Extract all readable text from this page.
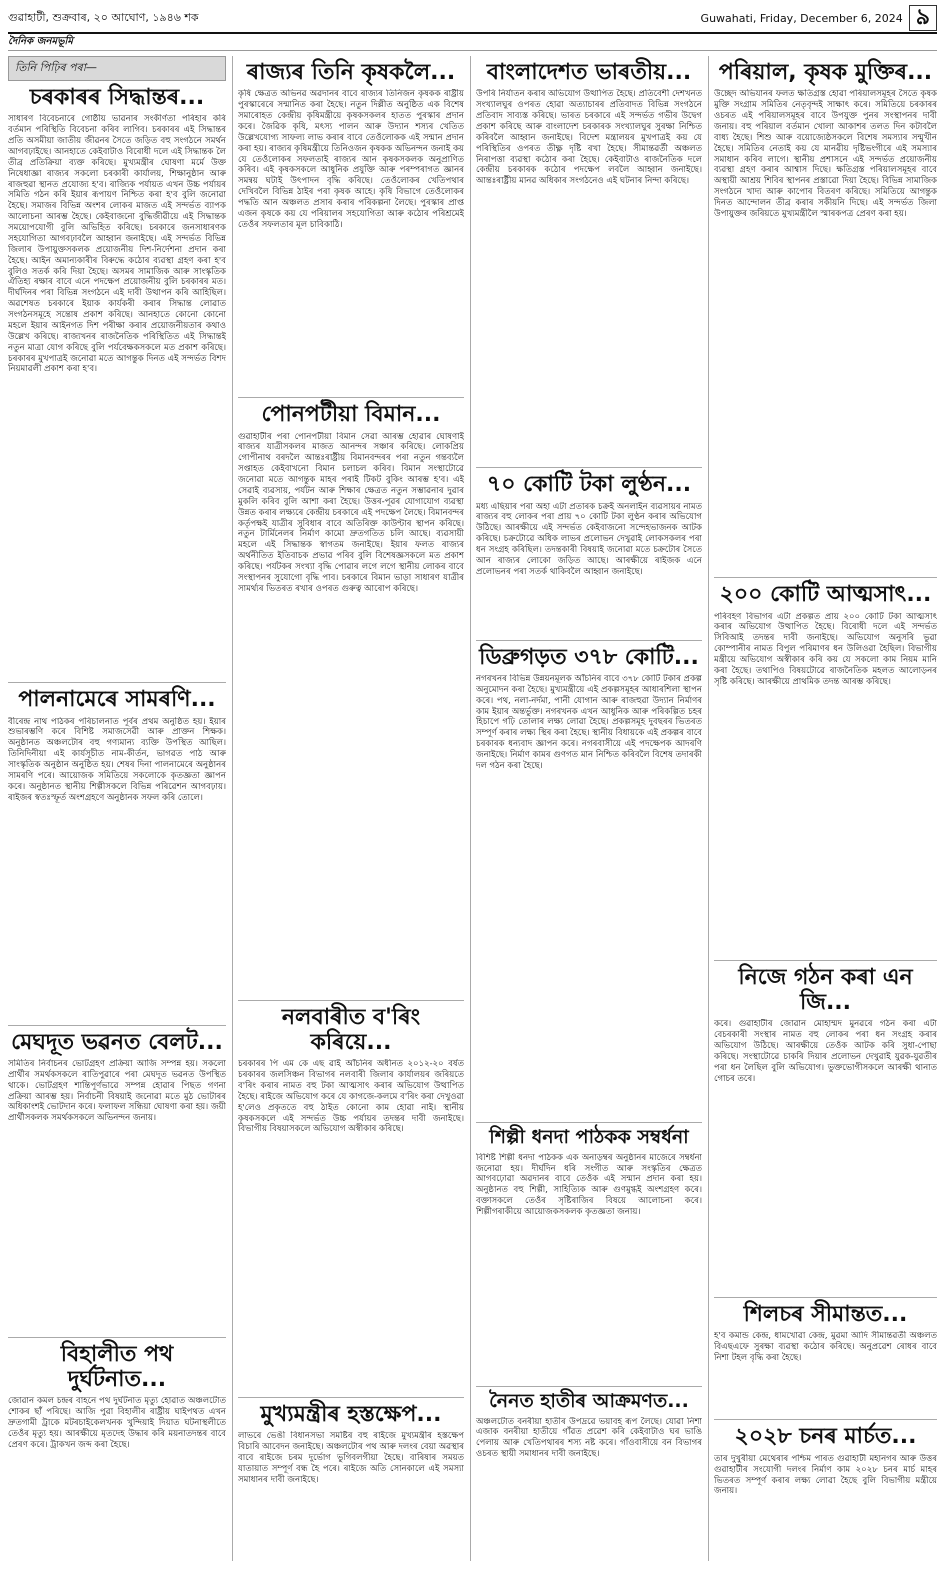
গুৱাহাটী, শুক্ৰবাৰ, ২০ আঘোণ, ১৯৪৬ শক	Guwahati, Friday, December 6, 2024 ৯
দৈনিক জনমভূমি
তিনি পিঢ়িৰ পৰা—
চৰকাৰৰ সিদ্ধান্তৰ...

সাধাৰণ বিবেচনাৰে গোষ্ঠীয় ভাৱনাৰ সংকীৰ্ণতা পৰিহাৰ কৰি বৰ্তমান পৰিস্থিতি বিবেচনা কৰিব লাগিব। চৰকাৰৰ এই সিদ্ধান্তৰ প্ৰতি অসমীয়া জাতীয় জীৱনৰ সৈতে জড়িত বহু সংগঠনে সমৰ্থন আগবঢ়াইছে। আনহাতে কেইবাটাও বিৰোধী দলে এই সিদ্ধান্তক লৈ তীব্ৰ প্ৰতিক্ৰিয়া ব্যক্ত কৰিছে। মুখ্যমন্ত্ৰীৰ ঘোষণা মৰ্মে উক্ত নিষেধাজ্ঞা ৰাজ্যৰ সকলো চৰকাৰী কাৰ্যালয়, শিক্ষানুষ্ঠান আৰু ৰাজহুৱা স্থানত প্ৰযোজ্য হ'ব। ৰাজ্যিক পৰ্যায়ত এখন উচ্চ পৰ্যায়ৰ সমিতি গঠন কৰি ইয়াৰ ৰূপায়ণ নিশ্চিত কৰা হ'ব বুলি জনোৱা হৈছে। সমাজৰ বিভিন্ন অংশৰ লোকৰ মাজত এই সন্দৰ্ভত ব্যাপক আলোচনা আৰম্ভ হৈছে। কেইবাজনো বুদ্ধিজীৱীয়ে এই সিদ্ধান্তক সময়োপযোগী বুলি অভিহিত কৰিছে। চৰকাৰে জনসাধাৰণক সহযোগিতা আগবঢ়াবলৈ আহ্বান জনাইছে। এই সন্দৰ্ভত বিভিন্ন জিলাৰ উপায়ুক্তসকলক প্ৰয়োজনীয় দিশ-নিৰ্দেশনা প্ৰদান কৰা হৈছে। আইন অমান্যকাৰীৰ বিৰুদ্ধে কঠোৰ ব্যৱস্থা গ্ৰহণ কৰা হ'ব বুলিও সতৰ্ক কৰি দিয়া হৈছে। অসমৰ সামাজিক আৰু সাংস্কৃতিক ঐতিহ্য ৰক্ষাৰ বাবে এনে পদক্ষেপ প্ৰয়োজনীয় বুলি চৰকাৰৰ মত। দীৰ্ঘদিনৰ পৰা বিভিন্ন সংগঠনে এই দাবী উত্থাপন কৰি আহিছিল। অৱশেষত চৰকাৰে ইয়াক কাৰ্যকৰী কৰাৰ সিদ্ধান্ত লোৱাত সংগঠনসমূহে সন্তোষ প্ৰকাশ কৰিছে। আনহাতে কোনো কোনো মহলে ইয়াৰ আইনগত দিশ পৰীক্ষা কৰাৰ প্ৰয়োজনীয়তাৰ কথাও উল্লেখ কৰিছে। ৰাজ্যখনৰ ৰাজনৈতিক পৰিস্থিতিত এই সিদ্ধান্তই নতুন মাত্ৰা যোগ কৰিছে বুলি পৰ্যবেক্ষকসকলে মত প্ৰকাশ কৰিছে। চৰকাৰৰ মুখপাত্ৰই জনোৱা মতে আগন্তুক দিনত এই সন্দৰ্ভত বিশদ নিয়মাৱলী প্ৰকাশ কৰা হ'ব।

পালনামেৰে সামৰণি...

বীৰেন্দ্ৰ নাথ পাঠকৰ পৰিচালনাত পূৰ্বৰ প্ৰথম অনুষ্ঠিত হয়। ইয়াৰ শুভাৰম্ভণি কৰে বিশিষ্ট সমাজসেৱী আৰু প্ৰাক্তন শিক্ষক। অনুষ্ঠানত অঞ্চলটোৰ বহু গণ্যমান্য ব্যক্তি উপস্থিত আছিল। তিনিদিনীয়া এই কাৰ্যসূচীত নাম-কীৰ্তন, ভাগৱত পাঠ আৰু সাংস্কৃতিক অনুষ্ঠান অনুষ্ঠিত হয়। শেষৰ দিনা পালনামেৰে অনুষ্ঠানৰ সামৰণি পৰে। আয়োজক সমিতিয়ে সকলোকে কৃতজ্ঞতা জ্ঞাপন কৰে। অনুষ্ঠানত স্থানীয় শিল্পীসকলে বিভিন্ন পৰিৱেশন আগবঢ়ায়। ৰাইজৰ স্বতঃস্ফূৰ্ত অংশগ্ৰহণে অনুষ্ঠানক সফল কৰি তোলে।

মেঘদূত ভৱনত বেলট...

সমিতিৰ নিৰ্বাচনৰ ভোটগ্ৰহণ প্ৰক্ৰিয়া আজি সম্পন্ন হয়। সকলো প্ৰাৰ্থীৰ সমৰ্থকসকলে ৰাতিপুৱাৰে পৰা মেঘদূত ভৱনত উপস্থিত থাকে। ভোটগ্ৰহণ শান্তিপূৰ্ণভাৱে সম্পন্ন হোৱাৰ পিছত গণনা প্ৰক্ৰিয়া আৰম্ভ হয়। নিৰ্বাচনী বিষয়াই জনোৱা মতে মুঠ ভোটাৰৰ অধিকাংশই ভোটদান কৰে। ফলাফল সন্ধিয়া ঘোষণা কৰা হয়। জয়ী প্ৰাৰ্থীসকলক সমৰ্থকসকলে অভিনন্দন জনায়।

বিহালীত পথ দুৰ্ঘটনাত...

জোৱান কমল চন্দ্ৰৰ বাহনে পথ দুৰ্ঘটনাত মৃত্যু হোৱাত অঞ্চলটোত শোকৰ ছাঁ পৰিছে। আজি পুৱা বিহালীৰ ৰাষ্ট্ৰীয় ঘাইপথত এখন দ্ৰুতগামী ট্ৰাকে মটৰচাইকেলখনক খুন্দিয়াই দিয়াত ঘটনাস্থলীতে তেওঁৰ মৃত্যু হয়। আৰক্ষীয়ে মৃতদেহ উদ্ধাৰ কৰি ময়নাতদন্তৰ বাবে প্ৰেৰণ কৰে। ট্ৰাকখন জব্দ কৰা হৈছে।

ৰাজ্যৰ তিনি কৃষকলৈ...

কৃষি ক্ষেত্ৰত অভিনৱ অৱদানৰ বাবে ৰাজ্যৰ তিনিজন কৃষকক ৰাষ্ট্ৰীয় পুৰস্কাৰেৰে সন্মানিত কৰা হৈছে। নতুন দিল্লীত অনুষ্ঠিত এক বিশেষ সমাৰোহত কেন্দ্ৰীয় কৃষিমন্ত্ৰীয়ে কৃষকসকলৰ হাতত পুৰস্কাৰ প্ৰদান কৰে। জৈৱিক কৃষি, মৎস্য পালন আৰু উদ্যান শস্যৰ খেতিত উল্লেখযোগ্য সাফল্য লাভ কৰাৰ বাবে তেওঁলোকক এই সন্মান প্ৰদান কৰা হয়। ৰাজ্যৰ কৃষিমন্ত্ৰীয়ে তিনিওজন কৃষকক অভিনন্দন জনাই কয় যে তেওঁলোকৰ সফলতাই ৰাজ্যৰ আন কৃষকসকলক অনুপ্ৰাণিত কৰিব। এই কৃষকসকলে আধুনিক প্ৰযুক্তি আৰু পৰম্পৰাগত জ্ঞানৰ সমন্বয় ঘটাই উৎপাদন বৃদ্ধি কৰিছে। তেওঁলোকৰ খেতিপথাৰ দেখিবলৈ বিভিন্ন ঠাইৰ পৰা কৃষক আহে। কৃষি বিভাগে তেওঁলোকৰ পদ্ধতি আন অঞ্চলত প্ৰসাৰ কৰাৰ পৰিকল্পনা লৈছে। পুৰস্কাৰ প্ৰাপ্ত এজন কৃষকে কয় যে পৰিয়ালৰ সহযোগিতা আৰু কঠোৰ পৰিশ্ৰমেই তেওঁৰ সফলতাৰ মূল চাবিকাঠি।

পোনপটীয়া বিমান...

গুৱাহাটীৰ পৰা পোনপটীয়া বিমান সেৱা আৰম্ভ হোৱাৰ ঘোষণাই ৰাজ্যৰ যাত্ৰীসকলৰ মাজত আনন্দৰ সঞ্চাৰ কৰিছে। লোকপ্ৰিয় গোপীনাথ বৰদলৈ আন্তঃৰাষ্ট্ৰীয় বিমানবন্দৰৰ পৰা নতুন গন্তব্যলৈ সপ্তাহত কেইবাখনো বিমান চলাচল কৰিব। বিমান সংস্থাটোৱে জনোৱা মতে আগন্তুক মাহৰ পৰাই টিকট বুকিং আৰম্ভ হ'ব। এই সেৱাই ব্যৱসায়, পৰ্যটন আৰু শিক্ষাৰ ক্ষেত্ৰত নতুন সম্ভাৱনাৰ দুৱাৰ মুকলি কৰিব বুলি আশা কৰা হৈছে। উত্তৰ-পূৱৰ যোগাযোগ ব্যৱস্থা উন্নত কৰাৰ লক্ষ্যৰে কেন্দ্ৰীয় চৰকাৰে এই পদক্ষেপ লৈছে। বিমানবন্দৰ কৰ্তৃপক্ষই যাত্ৰীৰ সুবিধাৰ বাবে অতিৰিক্ত কাউণ্টাৰ স্থাপন কৰিছে। নতুন টাৰ্মিনেলৰ নিৰ্মাণ কামো দ্ৰুতগতিত চলি আছে। ব্যৱসায়ী মহলে এই সিদ্ধান্তক স্বাগতম জনাইছে। ইয়াৰ ফলত ৰাজ্যৰ অৰ্থনীতিত ইতিবাচক প্ৰভাৱ পৰিব বুলি বিশেষজ্ঞসকলে মত প্ৰকাশ কৰিছে। পৰ্যটকৰ সংখ্যা বৃদ্ধি পোৱাৰ লগে লগে স্থানীয় লোকৰ বাবে সংস্থাপনৰ সুযোগো বৃদ্ধি পাব। চৰকাৰে বিমান ভাড়া সাধাৰণ যাত্ৰীৰ সামৰ্থ্যৰ ভিতৰত ৰখাৰ ওপৰত গুৰুত্ব আৰোপ কৰিছে।

নলবাৰীত ব'ৰিং কৰিয়ে...

চৰকাৰৰ পি এম কে এছ ৱাই আঁচনিৰ অধীনত ২০১২-২০ বৰ্ষত চৰকাৰৰ জলসিঞ্চন বিভাগৰ নলবাৰী জিলাৰ কাৰ্যালয়ৰ জৰিয়তে ব'ৰিং কৰাৰ নামত বহু টকা আত্মসাৎ কৰাৰ অভিযোগ উত্থাপিত হৈছে। ৰাইজে অভিযোগ কৰে যে কাগজে-কলমে ব'ৰিং কৰা দেখুওৱা হ'লেও প্ৰকৃততে বহু ঠাইত কোনো কাম হোৱা নাই। স্থানীয় কৃষকসকলে এই সন্দৰ্ভত উচ্চ পৰ্যায়ৰ তদন্তৰ দাবী জনাইছে। বিভাগীয় বিষয়াসকলে অভিযোগ অস্বীকাৰ কৰিছে।

মুখ্যমন্ত্ৰীৰ হস্তক্ষেপ...

লাভৰে ভেঙী বিধানসভা সমষ্টিৰ বহু ৰাইজে মুখ্যমন্ত্ৰীৰ হস্তক্ষেপ বিচাৰি আবেদন জনাইছে। অঞ্চলটোৰ পথ আৰু দলংৰ বেয়া অৱস্থাৰ বাবে ৰাইজে চৰম দুৰ্ভোগ ভুগিবলগীয়া হৈছে। বাৰিষাৰ সময়ত যাতায়াত সম্পূৰ্ণ বন্ধ হৈ পৰে। ৰাইজে অতি সোনকালে এই সমস্যা সমাধানৰ দাবী জনাইছে।

বাংলাদেশত ভাৰতীয়...

উপৰি নিৰ্যাতন কৰাৰ অভিযোগ উত্থাপিত হৈছে। প্ৰতিবেশী দেশখনত সংখ্যালঘুৰ ওপৰত হোৱা অত্যাচাৰৰ প্ৰতিবাদত বিভিন্ন সংগঠনে প্ৰতিবাদ সাব্যস্ত কৰিছে। ভাৰত চৰকাৰে এই সন্দৰ্ভত গভীৰ উদ্বেগ প্ৰকাশ কৰিছে আৰু বাংলাদেশ চৰকাৰক সংখ্যালঘুৰ সুৰক্ষা নিশ্চিত কৰিবলৈ আহ্বান জনাইছে। বিদেশ মন্ত্ৰালয়ৰ মুখপাত্ৰই কয় যে পৰিস্থিতিৰ ওপৰত তীক্ষ্ণ দৃষ্টি ৰখা হৈছে। সীমান্তৱৰ্তী অঞ্চলত নিৰাপত্তা ব্যৱস্থা কঠোৰ কৰা হৈছে। কেইবাটাও ৰাজনৈতিক দলে কেন্দ্ৰীয় চৰকাৰক কঠোৰ পদক্ষেপ লবলৈ আহ্বান জনাইছে। আন্তঃৰাষ্ট্ৰীয় মানৱ অধিকাৰ সংগঠনেও এই ঘটনাৰ নিন্দা কৰিছে।

৭০ কোটি টকা লুণ্ঠন...

মধ্য এছিয়াৰ পৰা অহা এটা প্ৰতাৰক চক্ৰই অনলাইন ব্যৱসায়ৰ নামত ৰাজ্যৰ বহু লোকৰ পৰা প্ৰায় ৭০ কোটি টকা লুণ্ঠন কৰাৰ অভিযোগ উঠিছে। আৰক্ষীয়ে এই সন্দৰ্ভত কেইবাজনো সন্দেহভাজনক আটক কৰিছে। চক্ৰটোৱে অধিক লাভৰ প্ৰলোভন দেখুৱাই লোকসকলৰ পৰা ধন সংগ্ৰহ কৰিছিল। তদন্তকাৰী বিষয়াই জনোৱা মতে চক্ৰটোৰ সৈতে আন ৰাজ্যৰ লোকো জড়িত আছে। আৰক্ষীয়ে ৰাইজক এনে প্ৰলোভনৰ পৰা সতৰ্ক থাকিবলৈ আহ্বান জনাইছে।

ডিব্ৰুগড়ত ৩৭৮ কোটি...

নগৰখনৰ বিভিন্ন উন্নয়নমূলক আঁচনিৰ বাবে ৩৭৮ কোটি টকাৰ প্ৰকল্প অনুমোদন কৰা হৈছে। মুখ্যমন্ত্ৰীয়ে এই প্ৰকল্পসমূহৰ আধাৰশিলা স্থাপন কৰে। পথ, নলা-নৰ্দমা, পানী যোগান আৰু ৰাজহুৱা উদ্যান নিৰ্মাণৰ কাম ইয়াৰ অন্তৰ্ভুক্ত। নগৰখনক এখন আধুনিক আৰু পৰিকল্পিত চহৰ হিচাপে গঢ়ি তোলাৰ লক্ষ্য লোৱা হৈছে। প্ৰকল্পসমূহ দুবছৰৰ ভিতৰত সম্পূৰ্ণ কৰাৰ লক্ষ্য স্থিৰ কৰা হৈছে। স্থানীয় বিধায়কে এই প্ৰকল্পৰ বাবে চৰকাৰক ধন্যবাদ জ্ঞাপন কৰে। নগৰবাসীয়ে এই পদক্ষেপক আদৰণি জনাইছে। নিৰ্মাণ কামৰ গুণগত মান নিশ্চিত কৰিবলৈ বিশেষ তদাৰকী দল গঠন কৰা হৈছে।

শিল্পী ধনদা পাঠকক সম্বৰ্ধনা

বিশিষ্ট শিল্পী ধনদা পাঠকক এক অনাড়ম্বৰ অনুষ্ঠানৰ মাজেৰে সম্বৰ্ধনা জনোৱা হয়। দীৰ্ঘদিন ধৰি সংগীত আৰু সংস্কৃতিৰ ক্ষেত্ৰত আগবঢ়োৱা অৱদানৰ বাবে তেওঁক এই সন্মান প্ৰদান কৰা হয়। অনুষ্ঠানত বহু শিল্পী, সাহিত্যিক আৰু গুণমুগ্ধই অংশগ্ৰহণ কৰে। বক্তাসকলে তেওঁৰ সৃষ্টিৰাজিৰ বিষয়ে আলোচনা কৰে। শিল্পীগৰাকীয়ে আয়োজকসকলক কৃতজ্ঞতা জনায়।

নৈনত হাতীৰ আক্ৰমণত...

অঞ্চলটোত বনৰীয়া হাতীৰ উপদ্ৰৱে ভয়াবহ ৰূপ লৈছে। যোৱা নিশা এজাক বনৰীয়া হাতীয়ে গাঁৱত প্ৰৱেশ কৰি কেইবাটাও ঘৰ ভাঙি পেলায় আৰু খেতিপথাৰৰ শস্য নষ্ট কৰে। গাঁওবাসীয়ে বন বিভাগৰ ওচৰত স্থায়ী সমাধানৰ দাবী জনাইছে।

পৰিয়াল, কৃষক মুক্তিৰ...

উচ্ছেদ অভিযানৰ ফলত ক্ষতিগ্ৰস্ত হোৱা পৰিয়ালসমূহৰ সৈতে কৃষক মুক্তি সংগ্ৰাম সমিতিৰ নেতৃবৃন্দই সাক্ষাৎ কৰে। সমিতিয়ে চৰকাৰৰ ওচৰত এই পৰিয়ালসমূহৰ বাবে উপযুক্ত পুনৰ সংস্থাপনৰ দাবী জনায়। বহু পৰিয়াল বৰ্তমান খোলা আকাশৰ তলত দিন কটাবলৈ বাধ্য হৈছে। শিশু আৰু বয়োজ্যেষ্ঠসকলে বিশেষ সমস্যাৰ সন্মুখীন হৈছে। সমিতিৰ নেতাই কয় যে মানৱীয় দৃষ্টিভংগীৰে এই সমস্যাৰ সমাধান কৰিব লাগে। স্থানীয় প্ৰশাসনে এই সন্দৰ্ভত প্ৰয়োজনীয় ব্যৱস্থা গ্ৰহণ কৰাৰ আশ্বাস দিছে। ক্ষতিগ্ৰস্ত পৰিয়ালসমূহৰ বাবে অস্থায়ী আশ্ৰয় শিবিৰ স্থাপনৰ প্ৰস্তাৱো দিয়া হৈছে। বিভিন্ন সামাজিক সংগঠনে খাদ্য আৰু কাপোৰ বিতৰণ কৰিছে। সমিতিয়ে আগন্তুক দিনত আন্দোলন তীব্ৰ কৰাৰ সকীয়নি দিছে। এই সন্দৰ্ভত জিলা উপায়ুক্তৰ জৰিয়তে মুখ্যমন্ত্ৰীলৈ স্মাৰকপত্ৰ প্ৰেৰণ কৰা হয়।

২০০ কোটি আত্মসাৎ...

পৰিবহণ বিভাগৰ এটা প্ৰকল্পত প্ৰায় ২০০ কোটি টকা আত্মসাৎ কৰাৰ অভিযোগ উত্থাপিত হৈছে। বিৰোধী দলে এই সন্দৰ্ভত সিবিআই তদন্তৰ দাবী জনাইছে। অভিযোগ অনুসৰি ভুৱা কোম্পানীৰ নামত বিপুল পৰিমাণৰ ধন উলিওৱা হৈছিল। বিভাগীয় মন্ত্ৰীয়ে অভিযোগ অস্বীকাৰ কৰি কয় যে সকলো কাম নিয়ম মানি কৰা হৈছে। তথাপিও বিষয়টোৱে ৰাজনৈতিক মহলত আলোড়নৰ সৃষ্টি কৰিছে। আৰক্ষীয়ে প্ৰাথমিক তদন্ত আৰম্ভ কৰিছে।

নিজে গঠন কৰা এন জি...

কৰে। গুৱাহাটীৰ জোৱান মোহাম্মদ মুনৱৰে গঠন কৰা এটা বেচৰকাৰী সংস্থাৰ নামত বহু লোকৰ পৰা ধন সংগ্ৰহ কৰাৰ অভিযোগ উঠিছে। আৰক্ষীয়ে তেওঁক আটক কৰি সুধা-পোছা কৰিছে। সংস্থাটোৱে চাকৰি দিয়াৰ প্ৰলোভন দেখুৱাই যুৱক-যুৱতীৰ পৰা ধন লৈছিল বুলি অভিযোগ। ভুক্তভোগীসকলে আৰক্ষী থানাত গোচৰ তৰে।

শিলচৰ সীমান্তত...

হ'ব কমান্ড কেন্দ্ৰ, ধামখোৱা কেন্দ্ৰ, মুৱমা আদি সীমান্তৱৰ্তী অঞ্চলত বিএছএফে সুৰক্ষা ব্যৱস্থা কঠোৰ কৰিছে। অনুপ্ৰৱেশ ৰোধৰ বাবে নিশা টহল বৃদ্ধি কৰা হৈছে।

২০২৮ চনৰ মাৰ্চত...

তাৰ দুখুৰীয়া মেথেৰাৰ পশ্চিম পাৰত গুৱাহাটী মহানগৰ আৰু উত্তৰ গুৱাহাটীৰ সংযোগী দলংৰ নিৰ্মাণ কাম ২০২৮ চনৰ মাৰ্চ মাহৰ ভিতৰত সম্পূৰ্ণ কৰাৰ লক্ষ্য লোৱা হৈছে বুলি বিভাগীয় মন্ত্ৰীয়ে জনায়।
